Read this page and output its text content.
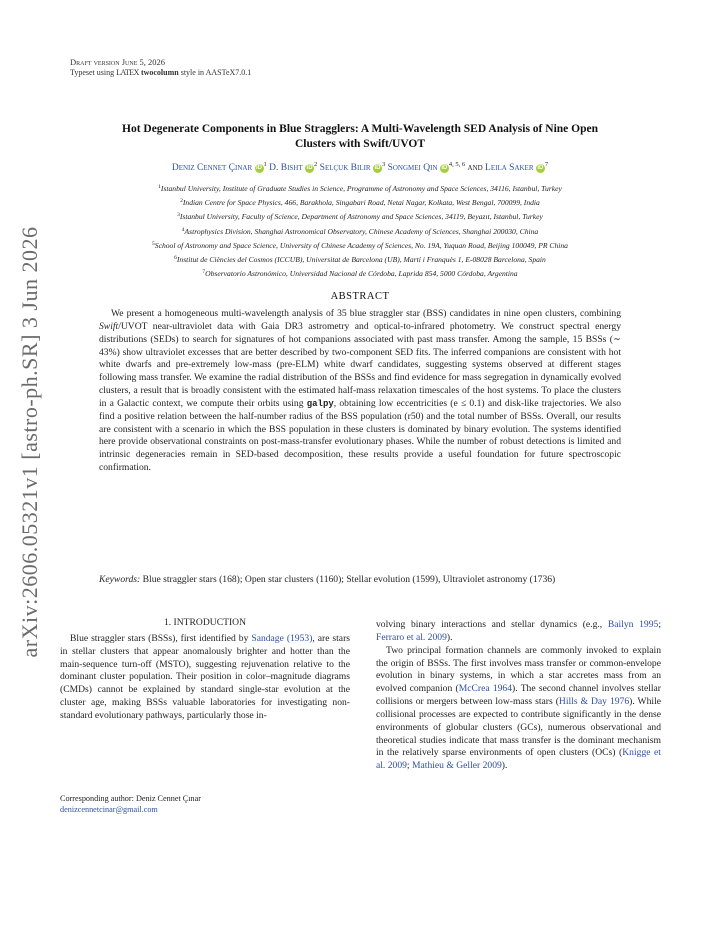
arXiv:2606.05321v1 [astro-ph.SR] 3 Jun 2026
Draft version June 5, 2026
Typeset using LATEX twocolumn style in AASTeX7.0.1
Hot Degenerate Components in Blue Stragglers: A Multi-Wavelength SED Analysis of Nine Open
Clusters with Swift/UVOT
Deniz Cennet Çinar iD $^1$ D. Bisht iD $^2$ Selçuk Bilir iD $^3$ Songmei Qin iD $^{4, 5, 6}$ and Leila Saker iD $^7$
$^1$Istanbul University, Institute of Graduate Studies in Science, Programme of Astronomy and Space Sciences, 34116, Istanbul, Turkey
$^2$Indian Centre for Space Physics, 466, Barakhola, Singabari Road, Netai Nagar, Kolkata, West Bengal, 700099, India
$^3$Istanbul University, Faculty of Science, Department of Astronomy and Space Sciences, 34119, Beyazıt, Istanbul, Turkey
$^4$Astrophysics Division, Shanghai Astronomical Observatory, Chinese Academy of Sciences, Shanghai 200030, China
$^5$School of Astronomy and Space Science, University of Chinese Academy of Sciences, No. 19A, Yuquan Road, Beijing 100049, PR China
$^6$Institut de Ciències del Cosmos (ICCUB), Universitat de Barcelona (UB), Martí i Franquès 1, E-08028 Barcelona, Spain
$^7$Observatorio Astronómico, Universidad Nacional de Córdoba, Laprida 854, 5000 Córdoba, Argentina
ABSTRACT

We present a homogeneous multi-wavelength analysis of 35 blue straggler star (BSS) candidates in nine open clusters, combining Swift/UVOT near-ultraviolet data with Gaia DR3 astrometry and optical-to-infrared photometry. We construct spectral energy distributions (SEDs) to search for signatures of hot companions associated with past mass transfer. Among the sample, 15 BSSs (∼ 43%) show ultraviolet excesses that are better described by two-component SED fits. The inferred companions are consistent with hot white dwarfs and pre-extremely low-mass (pre-ELM) white dwarf candidates, suggesting systems observed at different stages following mass transfer. We examine the radial distribution of the BSSs and find evidence for mass segregation in dynamically evolved clusters, a result that is broadly consistent with the estimated half-mass relaxation timescales of the host systems. To place the clusters in a Galactic context, we compute their orbits using galpy, obtaining low eccentricities (e ≤ 0.1) and disk-like trajectories. We also find a positive relation between the half-number radius of the BSS population (r50) and the total number of BSSs. Overall, our results are consistent with a scenario in which the BSS population in these clusters is dominated by binary evolution. The systems identified here provide observational constraints on post-mass-transfer evolutionary phases. While the number of robust detections is limited and intrinsic degeneracies remain in SED-based decomposition, these results provide a useful foundation for future spectroscopic confirmation.

Keywords: Blue straggler stars (168); Open star clusters (1160); Stellar evolution (1599), Ultraviolet astronomy (1736)
1. INTRODUCTION

Blue straggler stars (BSSs), first identified by Sandage (1953), are stars in stellar clusters that appear anomalously brighter and hotter than the main-sequence turn-off (MSTO), suggesting rejuvenation relative to the dominant cluster population. Their position in color–magnitude diagrams (CMDs) cannot be explained by standard single-star evolution at the cluster age, making BSSs valuable laboratories for investigating non-standard evolutionary pathways, particularly those in-

Corresponding author: Deniz Cennet Çınar
denizcennetcinar@gmail.com

volving binary interactions and stellar dynamics (e.g., Bailyn 1995; Ferraro et al. 2009).

Two principal formation channels are commonly invoked to explain the origin of BSSs. The first involves mass transfer or common-envelope evolution in binary systems, in which a star accretes mass from an evolved companion (McCrea 1964). The second channel involves stellar collisions or mergers between low-mass stars (Hills & Day 1976). While collisional processes are expected to contribute significantly in the dense environments of globular clusters (GCs), numerous observational and theoretical studies indicate that mass transfer is the dominant mechanism in the relatively sparse environments of open clusters (OCs) (Knigge et al. 2009; Mathieu & Geller 2009).
